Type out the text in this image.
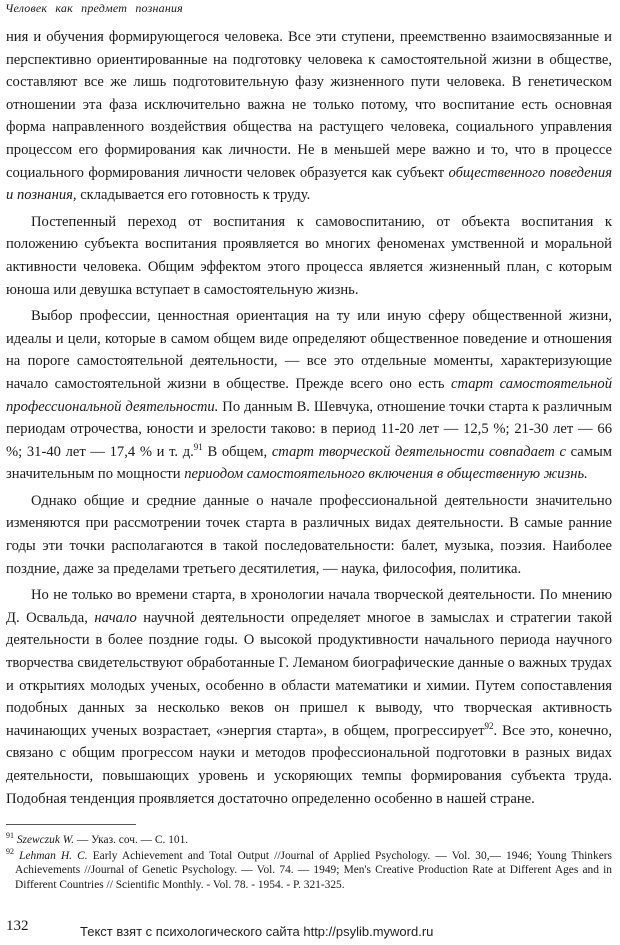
Человек как предмет познания

ния и обучения формирующегося человека. Все эти ступени, преемственно взаимосвязанные и перспективно ориентированные на подготовку человека к самостоятельной жизни в обществе, составляют все же лишь подготовительную фазу жизненного пути человека. В генетическом отношении эта фаза исключительно важна не только потому, что воспитание есть основная форма направленного воздействия общества на растущего человека, социального управления процессом его формирования как личности. Не в меньшей мере важно и то, что в процессе социального формирования личности человек образуется как субъект общественного поведения и познания, складывается его готовность к труду.

Постепенный переход от воспитания к самовоспитанию, от объекта воспитания к положению субъекта воспитания проявляется во многих феноменах умственной и моральной активности человека. Общим эффектом этого процесса является жизненный план, с которым юноша или девушка вступает в самостоятельную жизнь.

Выбор профессии, ценностная ориентация на ту или иную сферу общественной жизни, идеалы и цели, которые в самом общем виде определяют общественное поведение и отношения на пороге самостоятельной деятельности, — все это отдельные моменты, характеризующие начало самостоятельной жизни в обществе. Прежде всего оно есть старт самостоятельной профессиональной деятельности. По данным В. Шевчука, отношение точки старта к различным периодам отрочества, юности и зрелости таково: в период 11-20 лет — 12,5 %; 21-30 лет — 66 %; 31-40 лет — 17,4 % и т. д.$^{91}$ В общем, старт творческой деятельности совпадает с самым значительным по мощности периодом самостоятельного включения в общественную жизнь.

Однако общие и средние данные о начале профессиональной деятельности значительно изменяются при рассмотрении точек старта в различных видах деятельности. В самые ранние годы эти точки располагаются в такой последовательности: балет, музыка, поэзия. Наиболее поздние, даже за пределами третьего десятилетия, — наука, философия, политика.

Но не только во времени старта, в хронологии начала творческой деятельности. По мнению Д. Освальда, начало научной деятельности определяет многое в замыслах и стратегии такой деятельности в более поздние годы. О высокой продуктивности начального периода научного творчества свидетельствуют обработанные Г. Леманом биографические данные о важных трудах и открытиях молодых ученых, особенно в области математики и химии. Путем сопоставления подобных данных за несколько веков он пришел к выводу, что творческая активность начинающих ученых возрастает, «энергия старта», в общем, прогрессирует$^{92}$. Все это, конечно, связано с общим прогрессом науки и методов профессиональной подготовки в разных видах деятельности, повышающих уровень и ускоряющих темпы формирования субъекта труда. Подобная тенденция проявляется достаточно определенно особенно в нашей стране.

$^{91}$ Szewczuk W. — Указ. соч. — С. 101.
$^{92}$ Lehman H. C. Early Achievement and Total Output //Journal of Applied Psychology. — Vol. 30,— 1946; Young Thinkers Achievements //Journal of Genetic Psychology. — Vol. 74. — 1949; Men's Creative Production Rate at Different Ages and in Different Countries // Scientific Monthly. - Vol. 78. - 1954. - P. 321-325.
132	Текст взят с психологического сайта http://psylib.myword.ru
